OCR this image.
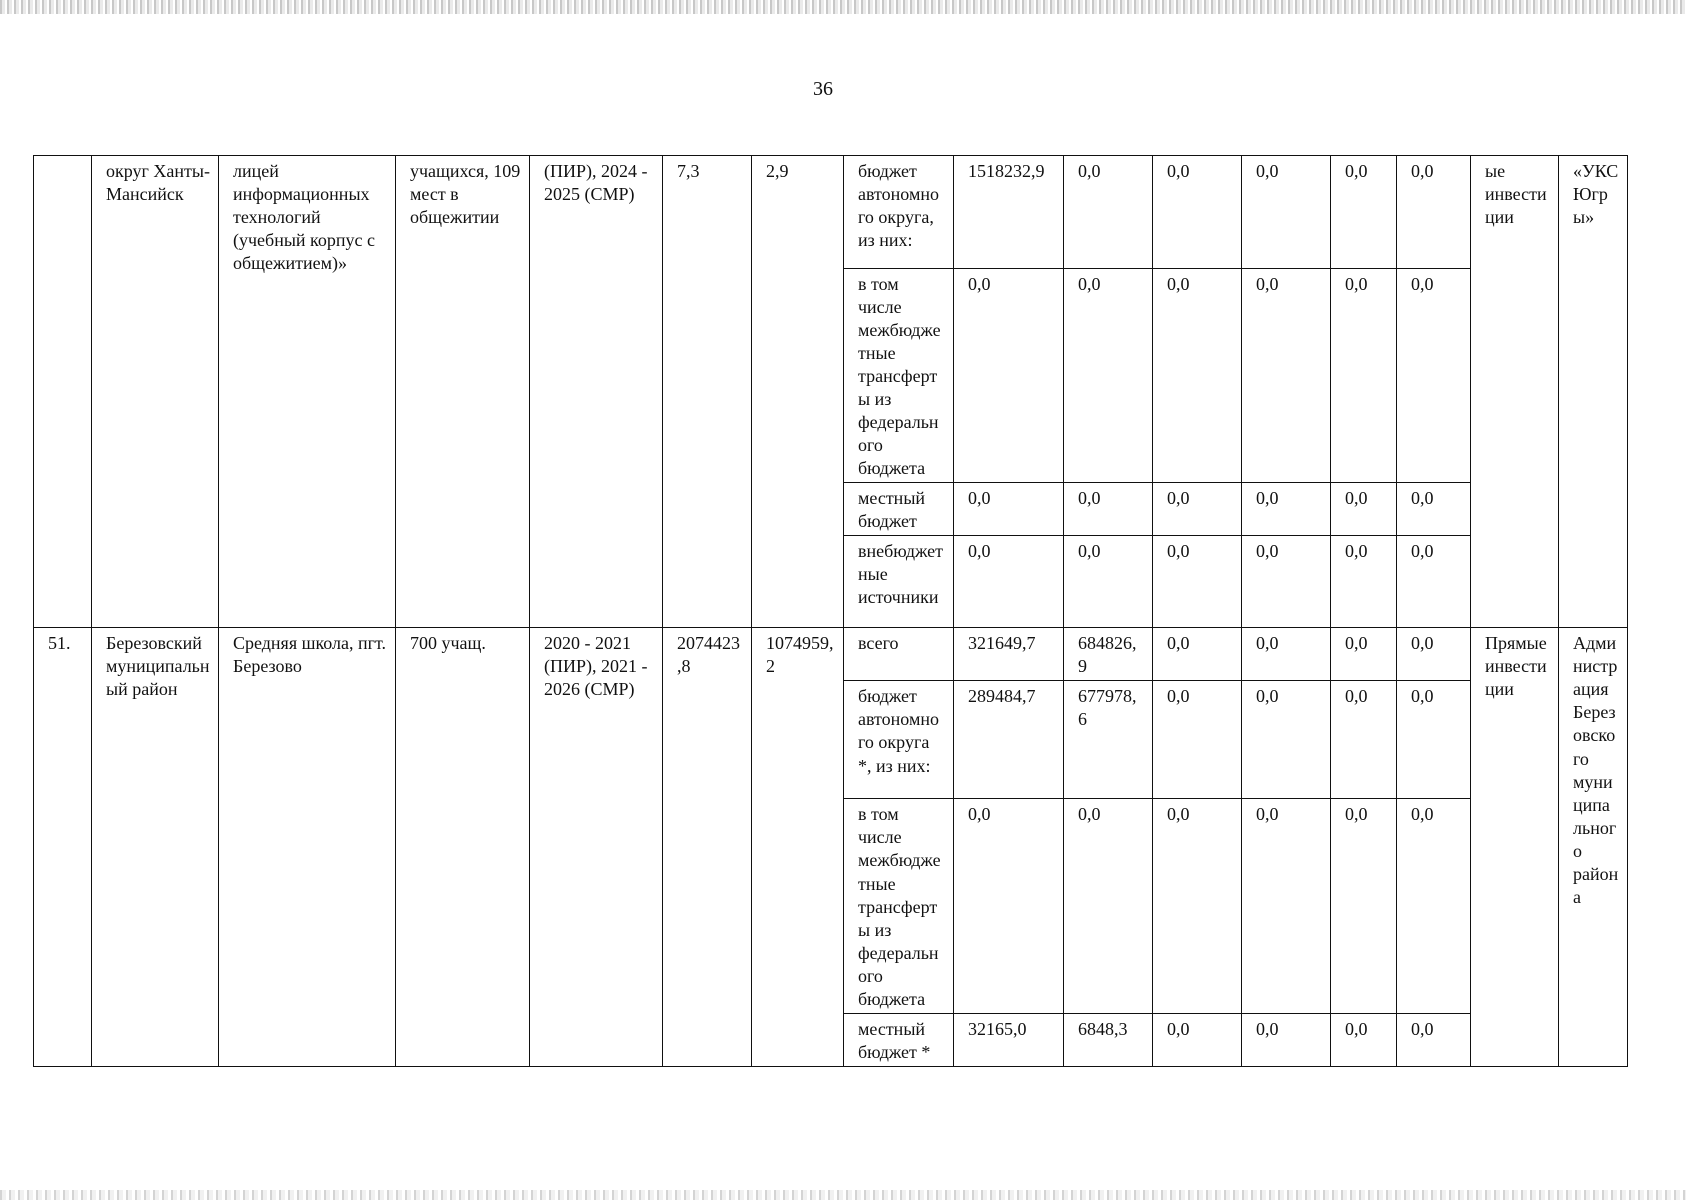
36
	округ Ханты-Мансийск	лицей информационных технологий (учебный корпус с общежитием)»	учащихся, 109 мест в общежитии	(ПИР), 2024 - 2025 (СМР)	7,3	2,9	бюджет автономного округа, из них:	1518232,9	0,0	0,0	0,0	0,0	0,0	ые инвестиции	«УКС Югры»
							в том числе межбюджетные трансферты из федерального бюджета	0,0	0,0	0,0	0,0	0,0	0,0		
							местный бюджет	0,0	0,0	0,0	0,0	0,0	0,0		
							внебюджетные источники	0,0	0,0	0,0	0,0	0,0	0,0		
51.	Березовский муниципальный район	Средняя школа, пгт. Березово	700 учащ.	2020 - 2021 (ПИР), 2021 - 2026 (СМР)	2074423,8	1074959,2	всего	321649,7	684826,9	0,0	0,0	0,0	0,0	Прямые инвестиции	Администрация Березовского муниципального района
							бюджет автономного округа *, из них:	289484,7	677978,6	0,0	0,0	0,0	0,0		
							в том числе межбюджетные трансферты из федерального бюджета	0,0	0,0	0,0	0,0	0,0	0,0		
							местный бюджет *	32165,0	6848,3	0,0	0,0	0,0	0,0		
